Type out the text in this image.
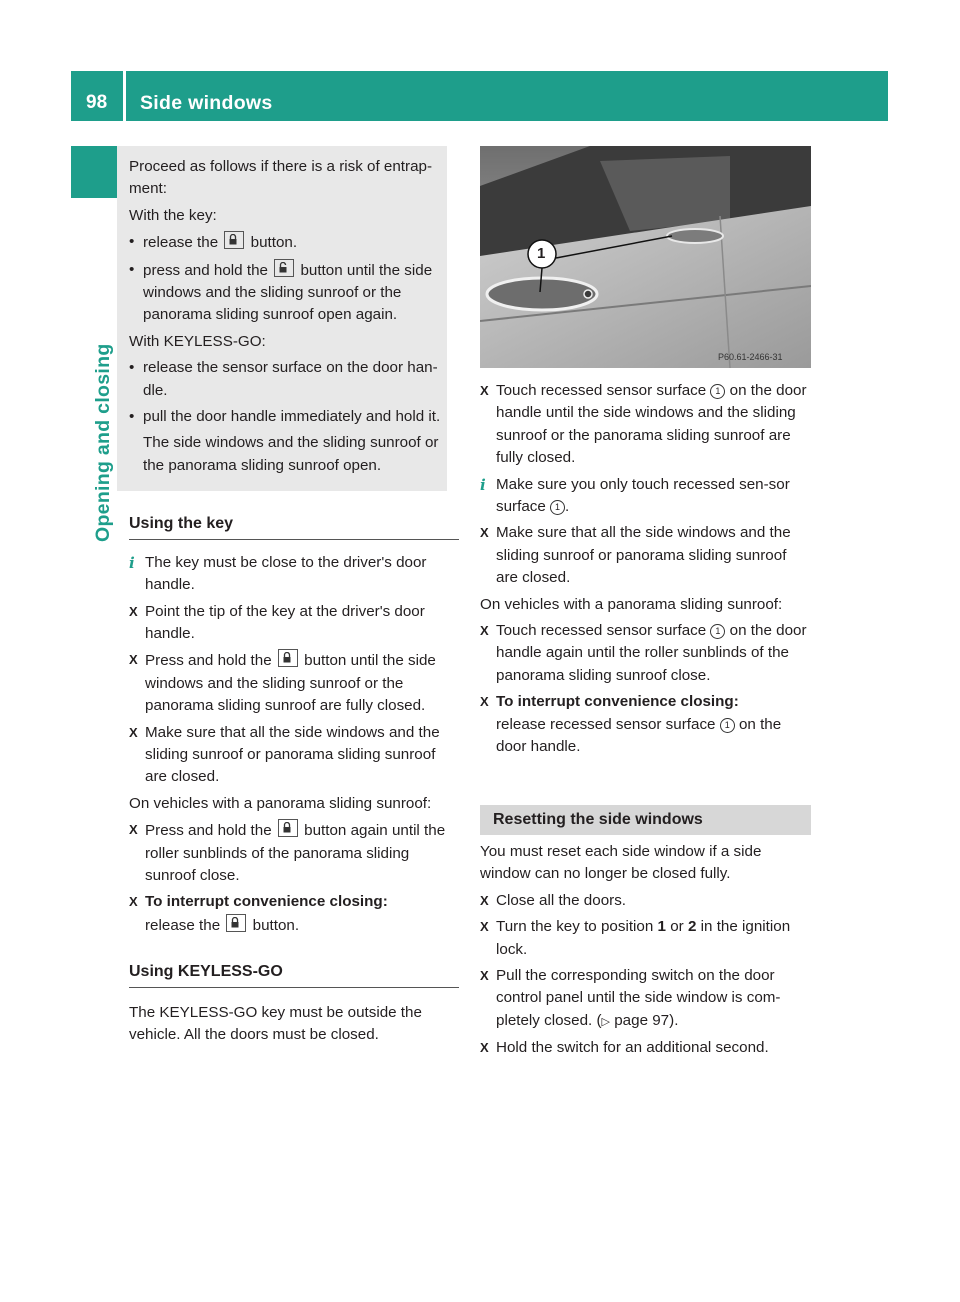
98 Side windows
Opening and closing

Proceed as follows if there is a risk of entrap-ment:

With the key:

• release the button.
• press and hold the button until the side windows and the sliding sunroof or the panorama sliding sunroof open again.

With KEYLESS-GO:

• release the sensor surface on the door han-dle.
• pull the door handle immediately and hold it.

The side windows and the sliding sunroof or the panorama sliding sunroof open.

Using the key
i The key must be close to the driver's door handle.
X Point the tip of the key at the driver's door handle.
X Press and hold the button until the side windows and the sliding sunroof or the panorama sliding sunroof are fully closed.
X Make sure that all the side windows and the sliding sunroof or panorama sliding sunroof are closed.

On vehicles with a panorama sliding sunroof:

X Press and hold the button again until the roller sunblinds of the panorama sliding sunroof close.
X To interrupt convenience closing:
release the button.
Using KEYLESS-GO

The KEYLESS-GO key must be outside the vehicle. All the doors must be closed.

1
P60.61-2466-31
X Touch recessed sensor surface 1 on the door handle until the side windows and the sliding sunroof or the panorama sliding sunroof are fully closed.
i Make sure you only touch recessed sen-sor surface 1 .
X Make sure that all the side windows and the sliding sunroof or panorama sliding sunroof are closed.

On vehicles with a panorama sliding sunroof:

X Touch recessed sensor surface 1 on the door handle again until the roller sunblinds of the panorama sliding sunroof close.
X To interrupt convenience closing:
release recessed sensor surface 1 on the door handle.
Resetting the side windows

You must reset each side window if a side window can no longer be closed fully.

X Close all the doors.
X Turn the key to position 1 or 2 in the ignition lock.
X Pull the corresponding switch on the door control panel until the side window is com-pletely closed. (▷ page 97).
X Hold the switch for an additional second.
